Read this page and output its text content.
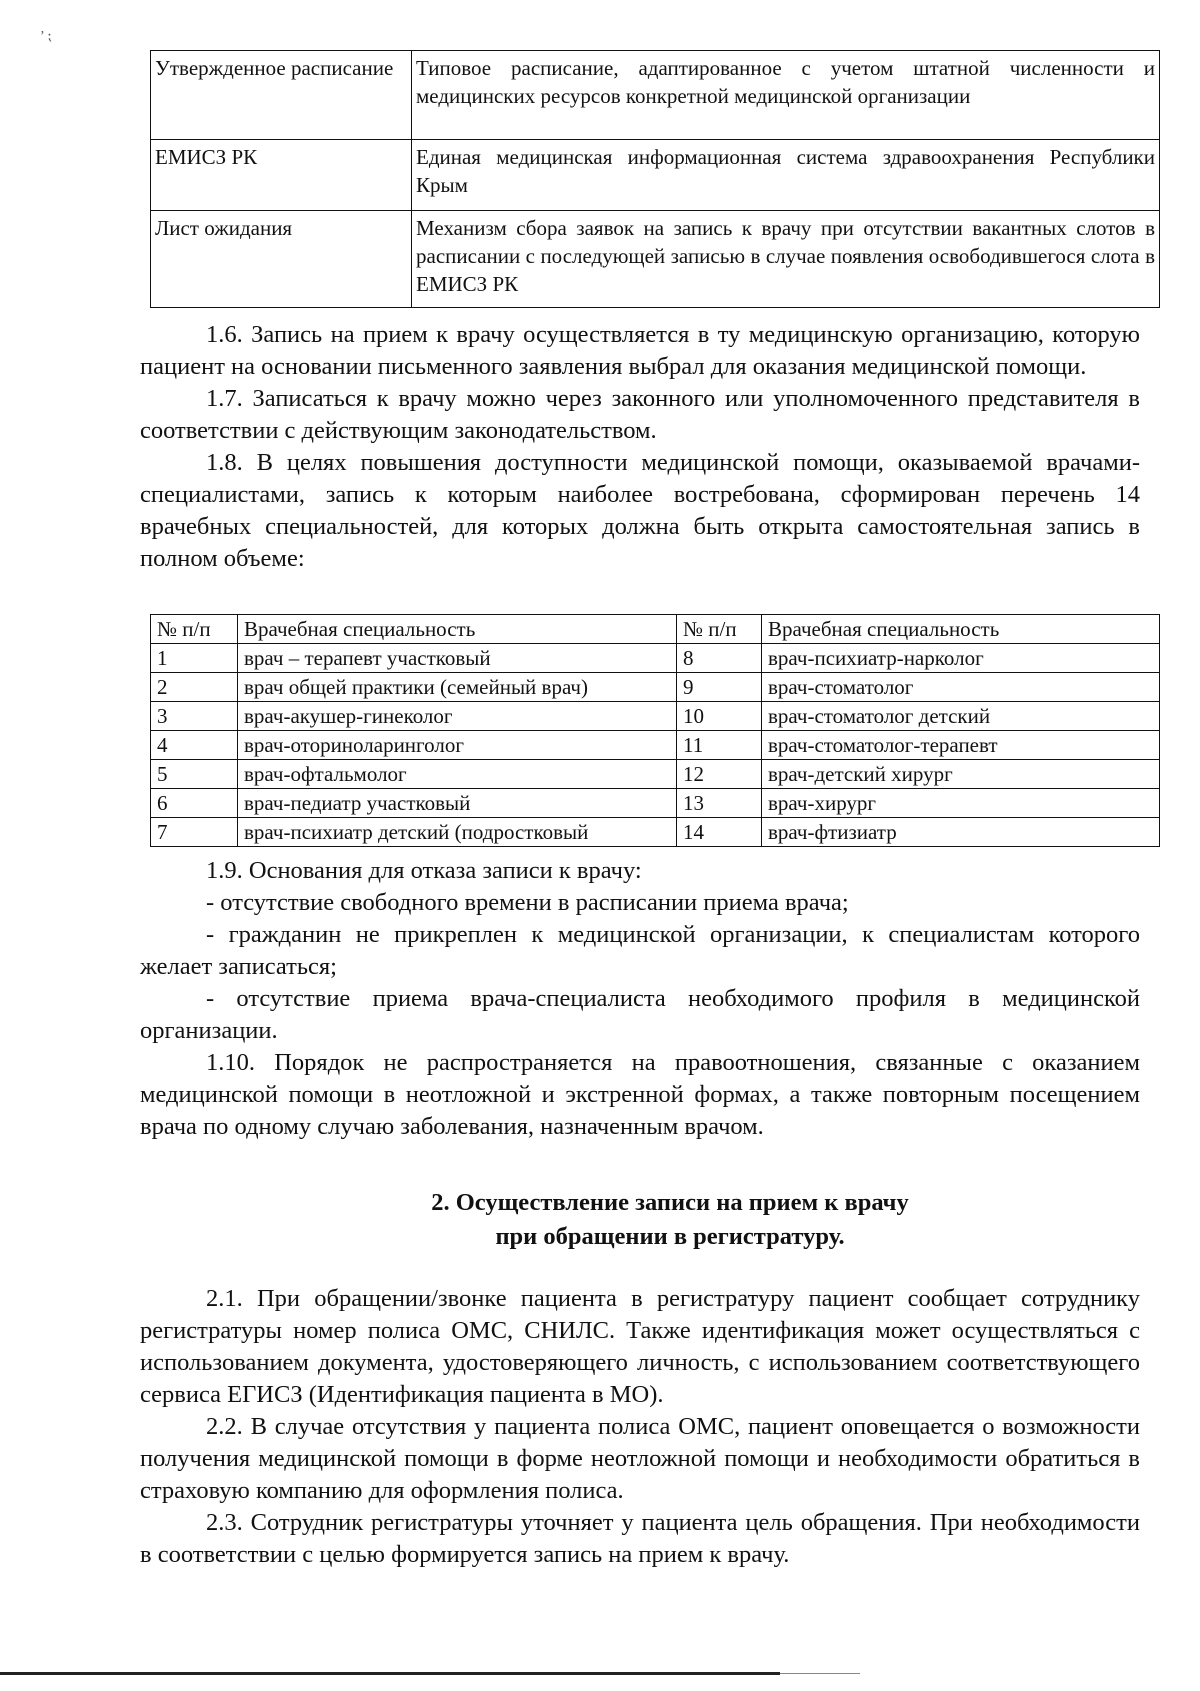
’ ⁏
Утвержденное расписание	Типовое расписание, адаптированное с учетом штатной численности и медицинских ресурсов конкретной медицинской организации
ЕМИСЗ РК	Единая медицинская информационная система здравоохранения Республики Крым
Лист ожидания	Механизм сбора заявок на запись к врачу при отсутствии вакантных слотов в расписании с последующей записью в случае появления освободившегося слота в ЕМИСЗ РК

1.6. Запись на прием к врачу осуществляется в ту медицинскую организацию, которую пациент на основании письменного заявления выбрал для оказания медицинской помощи.

1.7. Записаться к врачу можно через законного или уполномоченного представителя в соответствии с действующим законодательством.

1.8. В целях повышения доступности медицинской помощи, оказываемой врачами-специалистами, запись к которым наиболее востребована, сформирован перечень 14 врачебных специальностей, для которых должна быть открыта самостоятельная запись в полном объеме:

№ п/п	Врачебная специальность	№ п/п	Врачебная специальность
1	врач – терапевт участковый	8	врач-психиатр-нарколог
2	врач общей практики (семейный врач)	9	врач-стоматолог
3	врач-акушер-гинеколог	10	врач-стоматолог детский
4	врач-оториноларинголог	11	врач-стоматолог-терапевт
5	врач-офтальмолог	12	врач-детский хирург
6	врач-педиатр участковый	13	врач-хирург
7	врач-психиатр детский (подростковый	14	врач-фтизиатр

1.9. Основания для отказа записи к врачу:

- отсутствие свободного времени в расписании приема врача;

- гражданин не прикреплен к медицинской организации, к специалистам которого желает записаться;

- отсутствие приема врача-специалиста необходимого профиля в медицинской организации.

1.10. Порядок не распространяется на правоотношения, связанные с оказанием медицинской помощи в неотложной и экстренной формах, а также повторным посещением врача по одному случаю заболевания, назначенным врачом.

2. Осуществление записи на прием к врачу
при обращении в регистратуру.

2.1. При обращении/звонке пациента в регистратуру пациент сообщает сотруднику регистратуры номер полиса ОМС, СНИЛС. Также идентификация может осуществляться с использованием документа, удостоверяющего личность, с использованием соответствующего сервиса ЕГИСЗ (Идентификация пациента в МО).

2.2. В случае отсутствия у пациента полиса ОМС, пациент оповещается о возможности получения медицинской помощи в форме неотложной помощи и необходимости обратиться в страховую компанию для оформления полиса.

2.3. Сотрудник регистратуры уточняет у пациента цель обращения. При необходимости в соответствии с целью формируется запись на прием к врачу.
